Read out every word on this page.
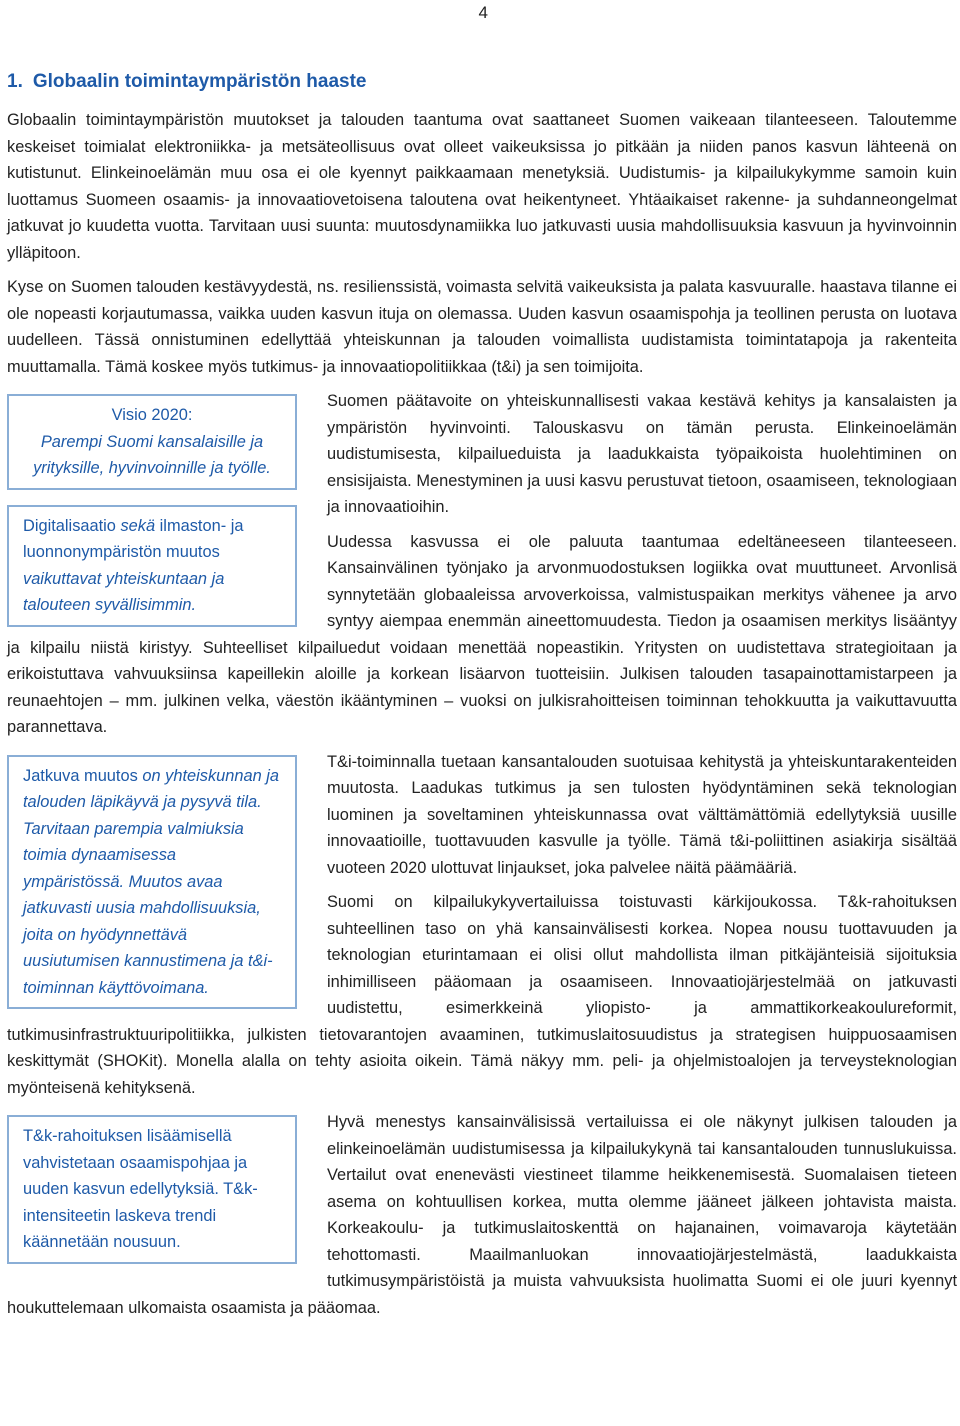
4
1. Globaalin toimintaympäristön haaste

Globaalin toimintaympäristön muutokset ja talouden taantuma ovat saattaneet Suomen vaikeaan tilanteeseen. Taloutemme keskeiset toimialat elektroniikka- ja metsäteollisuus ovat olleet vaikeuksissa jo pitkään ja niiden panos kasvun lähteenä on kutistunut. Elinkeinoelämän muu osa ei ole kyennyt paikkaamaan menetyksiä. Uudistumis- ja kilpailukykymme samoin kuin luottamus Suomeen osaamis- ja innovaatiovetoisena taloutena ovat heikentyneet. Yhtäaikaiset rakenne- ja suhdanneongelmat jatkuvat jo kuudetta vuotta. Tarvitaan uusi suunta: muutosdynamiikka luo jatkuvasti uusia mahdollisuuksia kasvuun ja hyvinvoinnin ylläpitoon.

Kyse on Suomen talouden kestävyydestä, ns. resilienssistä, voimasta selvitä vaikeuksista ja palata kasvuuralle. haastava tilanne ei ole nopeasti korjautumassa, vaikka uuden kasvun ituja on olemassa. Uuden kasvun osaamispohja ja teollinen perusta on luotava uudelleen. Tässä onnistuminen edellyttää yhteiskunnan ja talouden voimallista uudistamista toimintatapoja ja rakenteita muuttamalla. Tämä koskee myös tutkimus- ja innovaatiopolitiikkaa (t&i) ja sen toimijoita.

Visio 2020:
Parempi Suomi kansalaisille ja yrityksille, hyvinvoinnille ja työlle.
Digitalisaatio sekä ilmaston- ja luonnonympäristön muutos vaikuttavat yhteiskuntaan ja talouteen syvällisimmin.

Suomen päätavoite on yhteiskunnallisesti vakaa kestävä kehitys ja kansalaisten ja ympäristön hyvinvointi. Talouskasvu on tämän perusta. Elinkeinoelämän uudistumisesta, kilpailueduista ja laadukkaista työpaikoista huolehtiminen on ensisijaista. Menestyminen ja uusi kasvu perustuvat tietoon, osaamiseen, teknologiaan ja innovaatioihin.

Uudessa kasvussa ei ole paluuta taantumaa edeltäneeseen tilanteeseen. Kansainvälinen työnjako ja arvonmuodostuksen logiikka ovat muuttuneet. Arvonlisä synnytetään globaaleissa arvoverkoissa, valmistuspaikan merkitys vähenee ja arvo syntyy aiempaa enemmän aineettomuudesta. Tiedon ja osaamisen merkitys lisääntyy ja kilpailu niistä kiristyy. Suhteelliset kilpailuedut voidaan menettää nopeastikin. Yritysten on uudistettava strategioitaan ja erikoistuttava vahvuuksiinsa kapeillekin aloille ja korkean lisäarvon tuotteisiin. Julkisen talouden tasapainottamistarpeen ja reunaehtojen – mm. julkinen velka, väestön ikääntyminen – vuoksi on julkisrahoitteisen toiminnan tehokkuutta ja vaikuttavuutta parannettava.

Jatkuva muutos on yhteiskunnan ja talouden läpikäyvä ja pysyvä tila. Tarvitaan parempia valmiuksia toimia dynaamisessa ympäristössä. Muutos avaa jatkuvasti uusia mahdollisuuksia, joita on hyödynnettävä uusiutumisen kannustimena ja t&i-toiminnan käyttövoimana.

T&i-toiminnalla tuetaan kansantalouden suotuisaa kehitystä ja yhteiskuntarakenteiden muutosta. Laadukas tutkimus ja sen tulosten hyödyntäminen sekä teknologian luominen ja soveltaminen yhteiskunnassa ovat välttämättömiä edellytyksiä uusille innovaatioille, tuottavuuden kasvulle ja työlle. Tämä t&i-poliittinen asiakirja sisältää vuoteen 2020 ulottuvat linjaukset, joka palvelee näitä päämääriä.

Suomi on kilpailukykyvertailuissa toistuvasti kärkijoukossa. T&k-rahoituksen suhteellinen taso on yhä kansainvälisesti korkea. Nopea nousu tuottavuuden ja teknologian eturintamaan ei olisi ollut mahdollista ilman pitkäjänteisiä sijoituksia inhimilliseen pääomaan ja osaamiseen. Innovaatiojärjestelmää on jatkuvasti uudistettu, esimerkkeinä yliopisto- ja ammattikorkeakoulureformit, tutkimusinfrastruktuuripolitiikka, julkisten tietovarantojen avaaminen, tutkimuslaitosuudistus ja strategisen huippuosaamisen keskittymät (SHOKit). Monella alalla on tehty asioita oikein. Tämä näkyy mm. peli- ja ohjelmistoalojen ja terveysteknologian myönteisenä kehityksenä.

T&k-rahoituksen lisäämisellä vahvistetaan osaamispohjaa ja uuden kasvun edellytyksiä. T&k-intensiteetin laskeva trendi käännetään nousuun.

Hyvä menestys kansainvälisissä vertailuissa ei ole näkynyt julkisen talouden ja elinkeinoelämän uudistumisessa ja kilpailukykynä tai kansantalouden tunnuslukuissa. Vertailut ovat enenevästi viestineet tilamme heikkenemisestä. Suomalaisen tieteen asema on kohtuullisen korkea, mutta olemme jääneet jälkeen johtavista maista. Korkeakoulu- ja tutkimuslaitoskenttä on hajanainen, voimavaroja käytetään tehottomasti. Maailmanluokan innovaatiojärjestelmästä, laadukkaista tutkimusympäristöistä ja muista vahvuuksista huolimatta Suomi ei ole juuri kyennyt houkuttelemaan ulkomaista osaamista ja pääomaa.
